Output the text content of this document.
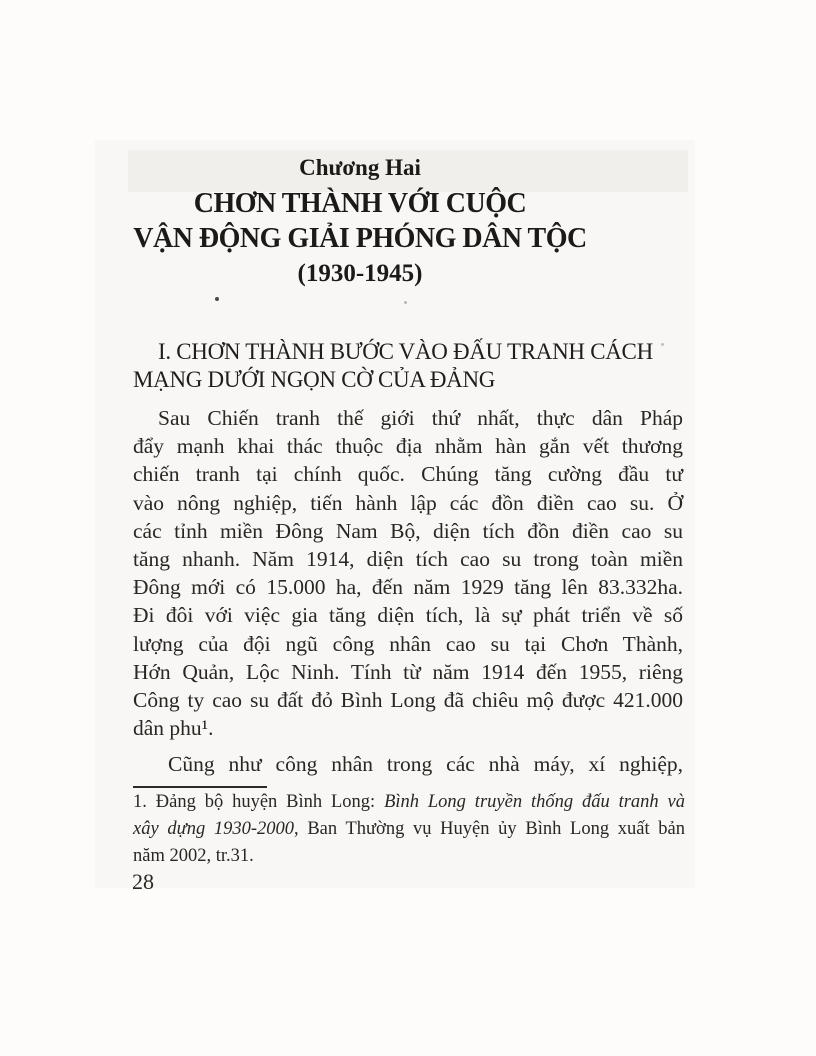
Chương Hai
CHƠN THÀNH VỚI CUỘC
VẬN ĐỘNG GIẢI PHÓNG DÂN TỘC
(1930-1945)
I. CHƠN THÀNH BƯỚC VÀO ĐẤU TRANH CÁCH
MẠNG DƯỚI NGỌN CỜ CỦA ĐẢNG
Sau Chiến tranh thế giới thứ nhất, thực dân Pháp
đẩy mạnh khai thác thuộc địa nhằm hàn gắn vết thương
chiến tranh tại chính quốc. Chúng tăng cường đầu tư
vào nông nghiệp, tiến hành lập các đồn điền cao su. Ở
các tỉnh miền Đông Nam Bộ, diện tích đồn điền cao su
tăng nhanh. Năm 1914, diện tích cao su trong toàn miền
Đông mới có 15.000 ha, đến năm 1929 tăng lên 83.332ha.
Đi đôi với việc gia tăng diện tích, là sự phát triển về số
lượng của đội ngũ công nhân cao su tại Chơn Thành,
Hớn Quản, Lộc Ninh. Tính từ năm 1914 đến 1955, riêng
Công ty cao su đất đỏ Bình Long đã chiêu mộ được 421.000
dân phu¹.
Cũng như công nhân trong các nhà máy, xí nghiệp,
1. Đảng bộ huyện Bình Long: Bình Long truyền thống đấu tranh và
xây dựng 1930-2000, Ban Thường vụ Huyện ủy Bình Long xuất bản
năm 2002, tr.31.
28
